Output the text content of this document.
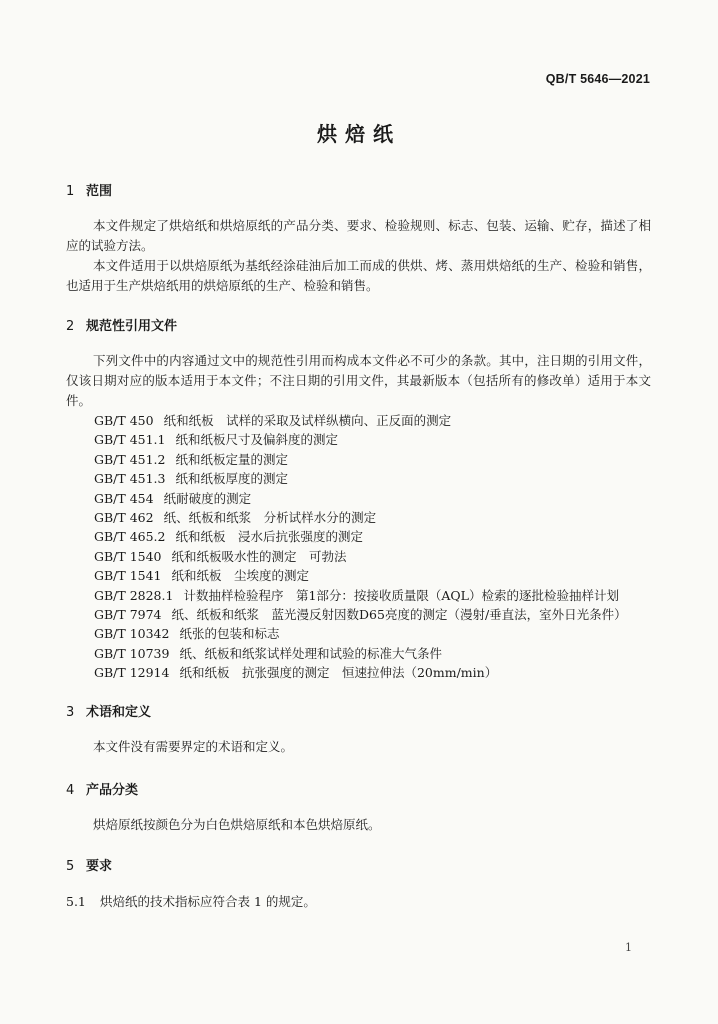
QB/T 5646—2021
烘焙纸
1 范围
本文件规定了烘焙纸和烘焙原纸的产品分类、要求、检验规则、标志、包装、运输、贮存，描述了相应的试验方法。
本文件适用于以烘焙原纸为基纸经涂硅油后加工而成的供烘、烤、蒸用烘焙纸的生产、检验和销售，也适用于生产烘焙纸用的烘焙原纸的生产、检验和销售。
2 规范性引用文件
下列文件中的内容通过文中的规范性引用而构成本文件必不可少的条款。其中，注日期的引用文件，仅该日期对应的版本适用于本文件；不注日期的引用文件，其最新版本（包括所有的修改单）适用于本文件。
GB/T 450 纸和纸板　试样的采取及试样纵横向、正反面的测定
GB/T 451.1 纸和纸板尺寸及偏斜度的测定
GB/T 451.2 纸和纸板定量的测定
GB/T 451.3 纸和纸板厚度的测定
GB/T 454 纸耐破度的测定
GB/T 462 纸、纸板和纸浆　分析试样水分的测定
GB/T 465.2 纸和纸板　浸水后抗张强度的测定
GB/T 1540 纸和纸板吸水性的测定　可勃法
GB/T 1541 纸和纸板　尘埃度的测定
GB/T 2828.1 计数抽样检验程序　第1部分：按接收质量限（AQL）检索的逐批检验抽样计划
GB/T 7974 纸、纸板和纸浆　蓝光漫反射因数D65亮度的测定（漫射/垂直法，室外日光条件）
GB/T 10342 纸张的包装和标志
GB/T 10739 纸、纸板和纸浆试样处理和试验的标准大气条件
GB/T 12914 纸和纸板　抗张强度的测定　恒速拉伸法（20mm/min）
3 术语和定义
本文件没有需要界定的术语和定义。
4 产品分类
烘焙原纸按颜色分为白色烘焙原纸和本色烘焙原纸。
5 要求
5.1 烘焙纸的技术指标应符合表 1 的规定。
1
